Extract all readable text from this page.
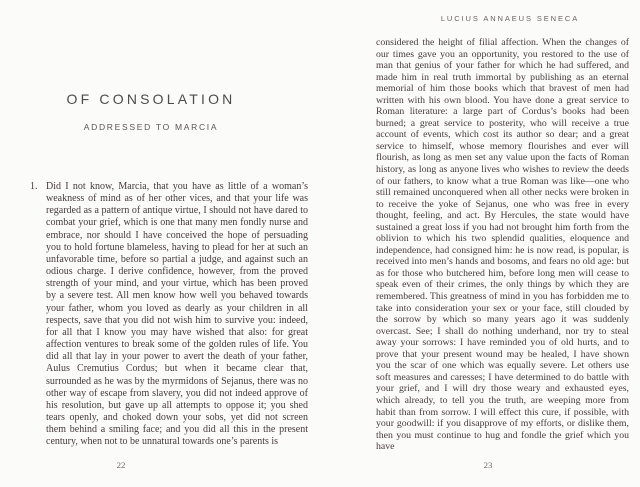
OF CONSOLATION
ADDRESSED TO MARCIA
1. Did I not know, Marcia, that you have as little of a woman’s weakness of mind as of her other vices, and that your life was regarded as a pattern of antique virtue, I should not have dared to combat your grief, which is one that many men fondly nurse and embrace, nor should I have conceived the hope of persuading you to hold fortune blameless, having to plead for her at such an unfavorable time, before so partial a judge, and against such an odious charge. I derive confidence, however, from the proved strength of your mind, and your virtue, which has been proved by a severe test. All men know how well you behaved towards your father, whom you loved as dearly as your children in all respects, save that you did not wish him to survive you: indeed, for all that I know you may have wished that also: for great affection ventures to break some of the golden rules of life. You did all that lay in your power to avert the death of your father, Aulus Cremutius Cordus; but when it became clear that, surrounded as he was by the myrmidons of Sejanus, there was no other way of escape from slavery, you did not indeed approve of his resolution, but gave up all attempts to oppose it; you shed tears openly, and choked down your sobs, yet did not screen them behind a smiling face; and you did all this in the present century, when not to be unnatural towards one’s parents is

22
LUCIUS ANNAEUS SENECA

considered the height of filial affection. When the changes of our times gave you an opportunity, you restored to the use of man that genius of your father for which he had suffered, and made him in real truth immortal by publishing as an eternal memorial of him those books which that bravest of men had written with his own blood. You have done a great service to Roman literature: a large part of Cordus’s books had been burned; a great service to posterity, who will receive a true account of events, which cost its author so dear; and a great service to himself, whose memory flourishes and ever will flourish, as long as men set any value upon the facts of Roman history, as long as anyone lives who wishes to review the deeds of our fathers, to know what a true Roman was like—one who still remained unconquered when all other necks were broken in to receive the yoke of Sejanus, one who was free in every thought, feeling, and act. By Hercules, the state would have sustained a great loss if you had not brought him forth from the oblivion to which his two splendid qualities, eloquence and independence, had consigned him: he is now read, is popular, is received into men’s hands and bosoms, and fears no old age: but as for those who butchered him, before long men will cease to speak even of their crimes, the only things by which they are remembered. This greatness of mind in you has forbidden me to take into consideration your sex or your face, still clouded by the sorrow by which so many years ago it was suddenly overcast. See; I shall do nothing underhand, nor try to steal away your sorrows: I have reminded you of old hurts, and to prove that your present wound may be healed, I have shown you the scar of one which was equally severe. Let others use soft measures and caresses; I have determined to do battle with your grief, and I will dry those weary and exhausted eyes, which already, to tell you the truth, are weeping more from habit than from sorrow. I will effect this cure, if possible, with your goodwill: if you disapprove of my efforts, or dislike them, then you must continue to hug and fondle the grief which you have

23
